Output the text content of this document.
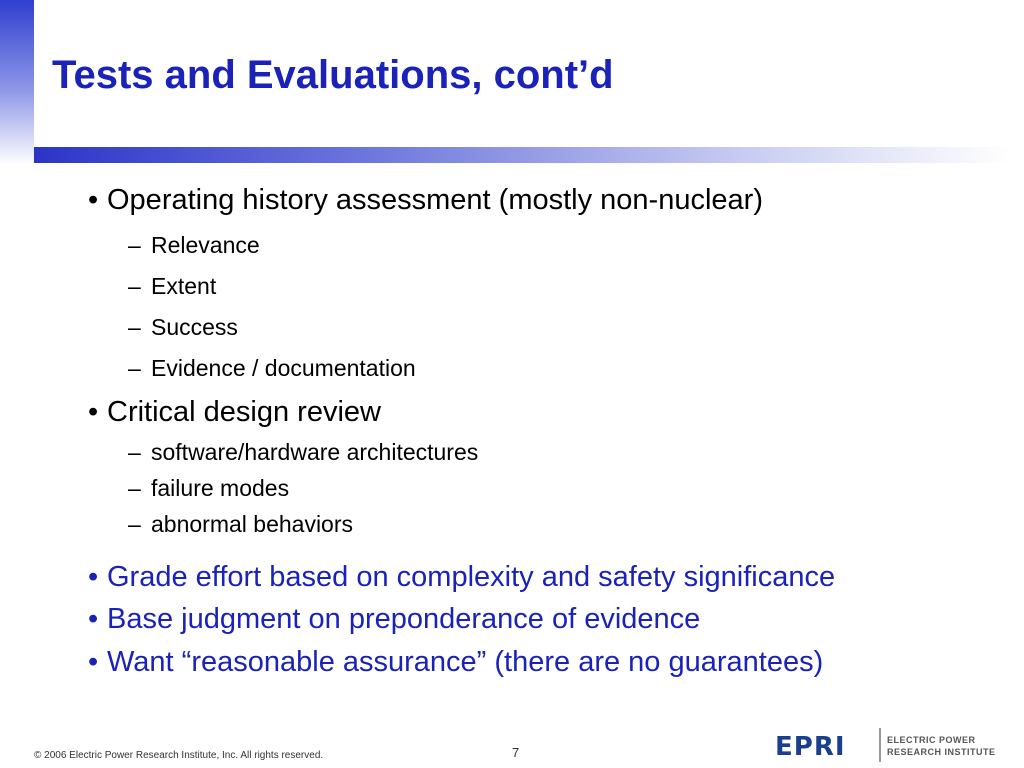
Tests and Evaluations, cont’d
• Operating history assessment (mostly non-nuclear)
– Relevance
– Extent
– Success
– Evidence / documentation
• Critical design review
– software/hardware architectures
– failure modes
– abnormal behaviors
• Grade effort based on complexity and safety significance
• Base judgment on preponderance of evidence
• Want “reasonable assurance” (there are no guarantees)
© 2006 Electric Power Research Institute, Inc. All rights reserved.	7	EPRI	ELECTRIC POWER
RESEARCH INSTITUTE
